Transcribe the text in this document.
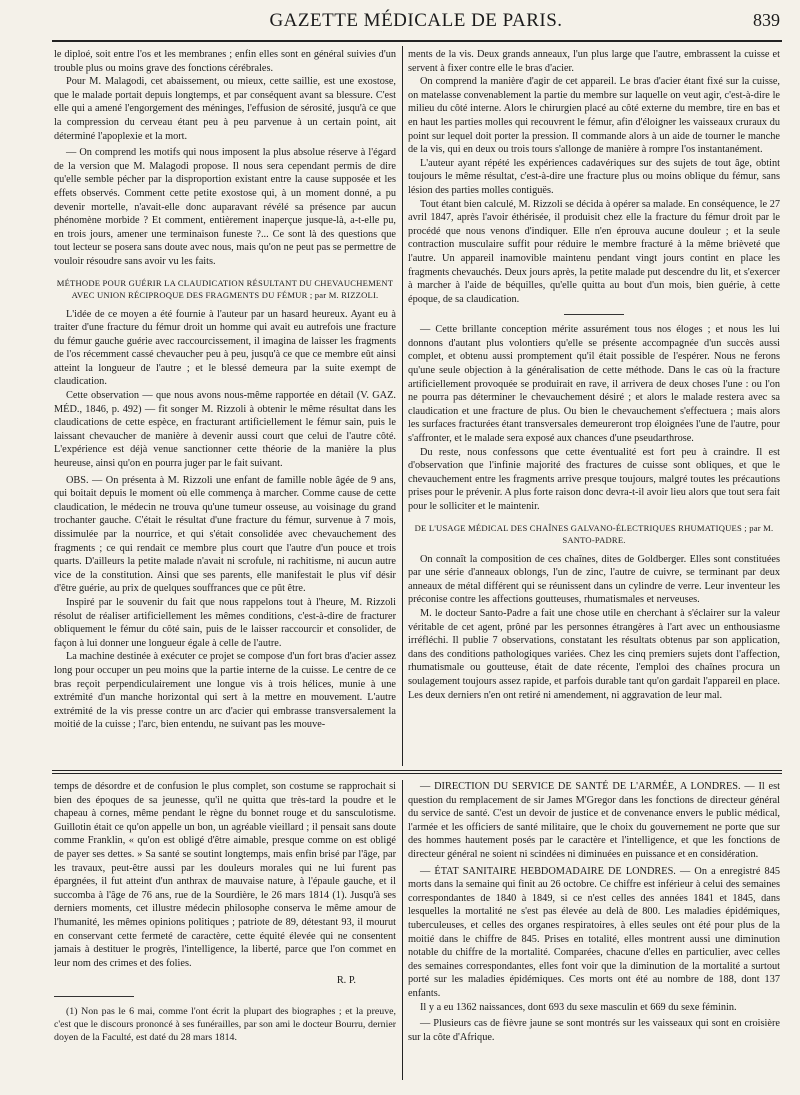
GAZETTE MÉDICALE DE PARIS.	839

le diploé, soit entre l'os et les membranes ; enfin elles sont en général suivies d'un trouble plus ou moins grave des fonctions cérébrales.

Pour M. Malagodi, cet abaissement, ou mieux, cette saillie, est une exostose, que le malade portait depuis longtemps, et par conséquent avant sa blessure. C'est elle qui a amené l'engorgement des méninges, l'effusion de sérosité, jusqu'à ce que la compression du cerveau étant peu à peu parvenue à un certain point, ait déterminé l'apoplexie et la mort.

— On comprend les motifs qui nous imposent la plus absolue réserve à l'égard de la version que M. Malagodi propose. Il nous sera cependant permis de dire qu'elle semble pécher par la disproportion existant entre la cause supposée et les effets observés. Comment cette petite exostose qui, à un moment donné, a pu devenir mortelle, n'avait-elle donc auparavant révélé sa présence par aucun phénomène morbide ? Et comment, entièrement inaperçue jusque-là, a-t-elle pu, en trois jours, amener une terminaison funeste ?... Ce sont là des questions que tout lecteur se posera sans doute avec nous, mais qu'on ne peut pas se permettre de vouloir résoudre sans avoir vu les faits.

MÉTHODE POUR GUÉRIR LA CLAUDICATION RÉSULTANT DU CHEVAUCHEMENT AVEC UNION RÉCIPROQUE DES FRAGMENTS DU FÉMUR ; par M. RIZZOLI.

L'idée de ce moyen a été fournie à l'auteur par un hasard heureux. Ayant eu à traiter d'une fracture du fémur droit un homme qui avait eu autrefois une fracture du fémur gauche guérie avec raccourcissement, il imagina de laisser les fragments de l'os récemment cassé chevaucher peu à peu, jusqu'à ce que ce membre eût ainsi atteint la longueur de l'autre ; et le blessé demeura par la suite exempt de claudication.

Cette observation — que nous avons nous-même rapportée en détail (V. GAZ. MÉD., 1846, p. 492) — fit songer M. Rizzoli à obtenir le même résultat dans les claudications de cette espèce, en fracturant artificiellement le fémur sain, puis le laissant chevaucher de manière à devenir aussi court que celui de l'autre côté. L'expérience est déjà venue sanctionner cette théorie de la manière la plus heureuse, ainsi qu'on en pourra juger par le fait suivant.

OBS. — On présenta à M. Rizzoli une enfant de famille noble âgée de 9 ans, qui boitait depuis le moment où elle commença à marcher. Comme cause de cette claudication, le médecin ne trouva qu'une tumeur osseuse, au voisinage du grand trochanter gauche. C'était le résultat d'une fracture du fémur, survenue à 7 mois, dissimulée par la nourrice, et qui s'était consolidée avec chevauchement des fragments ; ce qui rendait ce membre plus court que l'autre d'un pouce et trois quarts. D'ailleurs la petite malade n'avait ni scrofule, ni rachitisme, ni aucun autre vice de la constitution. Ainsi que ses parents, elle manifestait le plus vif désir d'être guérie, au prix de quelques souffrances que ce pût être.

Inspiré par le souvenir du fait que nous rappelons tout à l'heure, M. Rizzoli résolut de réaliser artificiellement les mêmes conditions, c'est-à-dire de fracturer obliquement le fémur du côté sain, puis de le laisser raccourcir et consolider, de façon à lui donner une longueur égale à celle de l'autre.

La machine destinée à exécuter ce projet se compose d'un fort bras d'acier assez long pour occuper un peu moins que la partie interne de la cuisse. Le centre de ce bras reçoit perpendiculairement une longue vis à trois hélices, munie à une extrémité d'un manche horizontal qui sert à la mettre en mouvement. L'autre extrémité de la vis presse contre un arc d'acier qui embrasse transversalement la moitié de la cuisse ; l'arc, bien entendu, ne suivant pas les mouve-

ments de la vis. Deux grands anneaux, l'un plus large que l'autre, embrassent la cuisse et servent à fixer contre elle le bras d'acier.

On comprend la manière d'agir de cet appareil. Le bras d'acier étant fixé sur la cuisse, on matelasse convenablement la partie du membre sur laquelle on veut agir, c'est-à-dire le milieu du côté interne. Alors le chirurgien placé au côté externe du membre, tire en bas et en haut les parties molles qui recouvrent le fémur, afin d'éloigner les vaisseaux cruraux du point sur lequel doit porter la pression. Il commande alors à un aide de tourner le manche de la vis, qui en deux ou trois tours s'allonge de manière à rompre l'os instantanément.

L'auteur ayant répété les expériences cadavériques sur des sujets de tout âge, obtint toujours le même résultat, c'est-à-dire une fracture plus ou moins oblique du fémur, sans lésion des parties molles contiguës.

Tout étant bien calculé, M. Rizzoli se décida à opérer sa malade. En conséquence, le 27 avril 1847, après l'avoir éthérisée, il produisit chez elle la fracture du fémur droit par le procédé que nous venons d'indiquer. Elle n'en éprouva aucune douleur ; et la seule contraction musculaire suffit pour réduire le membre fracturé à la même brièveté que l'autre. Un appareil inamovible maintenu pendant vingt jours contint en place les fragments chevauchés. Deux jours après, la petite malade put descendre du lit, et s'exercer à marcher à l'aide de béquilles, qu'elle quitta au bout d'un mois, bien guérie, à cette époque, de sa claudication.

— Cette brillante conception mérite assurément tous nos éloges ; et nous les lui donnons d'autant plus volontiers qu'elle se présente accompagnée d'un succès aussi complet, et obtenu aussi promptement qu'il était possible de l'espérer. Nous ne ferons qu'une seule objection à la généralisation de cette méthode. Dans le cas où la fracture artificiellement provoquée se produirait en rave, il arrivera de deux choses l'une : ou l'on ne pourra pas déterminer le chevauchement désiré ; et alors le malade restera avec sa claudication et une fracture de plus. Ou bien le chevauchement s'effectuera ; mais alors les surfaces fracturées étant transversales demeureront trop éloignées l'une de l'autre, pour s'affronter, et le malade sera exposé aux chances d'une pseudarthrose.

Du reste, nous confessons que cette éventualité est fort peu à craindre. Il est d'observation que l'infinie majorité des fractures de cuisse sont obliques, et que le chevauchement entre les fragments arrive presque toujours, malgré toutes les précautions prises pour le prévenir. A plus forte raison donc devra-t-il avoir lieu alors que tout sera fait pour le solliciter et le maintenir.

DE L'USAGE MÉDICAL DES CHAÎNES GALVANO-ÉLECTRIQUES RHUMATIQUES ; par M. SANTO-PADRE.

On connaît la composition de ces chaînes, dites de Goldberger. Elles sont constituées par une série d'anneaux oblongs, l'un de zinc, l'autre de cuivre, se terminant par deux anneaux de métal différent qui se réunissent dans un cylindre de verre. Leur inventeur les préconise contre les affections goutteuses, rhumatismales et nerveuses.

M. le docteur Santo-Padre a fait une chose utile en cherchant à s'éclairer sur la valeur véritable de cet agent, prôné par les personnes étrangères à l'art avec un enthousiasme irréfléchi. Il publie 7 observations, constatant les résultats obtenus par son application, dans des conditions pathologiques variées. Chez les cinq premiers sujets dont l'affection, rhumatismale ou goutteuse, était de date récente, l'emploi des chaînes procura un soulagement toujours assez rapide, et parfois durable tant qu'on gardait l'appareil en place. Les deux derniers n'en ont retiré ni amendement, ni aggravation de leur mal.

temps de désordre et de confusion le plus complet, son costume se rapprochait si bien des époques de sa jeunesse, qu'il ne quitta que très-tard la poudre et le chapeau à cornes, même pendant le règne du bonnet rouge et du sansculotisme. Guillotin était ce qu'on appelle un bon, un agréable vieillard ; il pensait sans doute comme Franklin, « qu'on est obligé d'être aimable, presque comme on est obligé de payer ses dettes. » Sa santé se soutint longtemps, mais enfin brisé par l'âge, par les travaux, peut-être aussi par les douleurs morales qui ne lui furent pas épargnées, il fut atteint d'un anthrax de mauvaise nature, à l'épaule gauche, et il succomba à l'âge de 76 ans, rue de la Sourdière, le 26 mars 1814 (1). Jusqu'à ses derniers moments, cet illustre médecin philosophe conserva le même amour de l'humanité, les mêmes opinions politiques ; patriote de 89, détestant 93, il mourut en conservant cette fermeté de caractère, cette équité élevée qui ne consentent jamais à destituer le progrès, l'intelligence, la liberté, parce que l'on commet en leur nom des crimes et des folies.

R. P.

(1) Non pas le 6 mai, comme l'ont écrit la plupart des biographes ; et la preuve, c'est que le discours prononcé à ses funérailles, par son ami le docteur Bourru, dernier doyen de la Faculté, est daté du 28 mars 1814.

— DIRECTION DU SERVICE DE SANTÉ DE L'ARMÉE, A LONDRES. — Il est question du remplacement de sir James M'Gregor dans les fonctions de directeur général du service de santé. C'est un devoir de justice et de convenance envers le public médical, l'armée et les officiers de santé militaire, que le choix du gouvernement ne porte que sur des hommes hautement posés par le caractère et l'intelligence, et que les fonctions de directeur général ne soient ni scindées ni diminuées en puissance et en considération.

— ÉTAT SANITAIRE HEBDOMADAIRE DE LONDRES. — On a enregistré 845 morts dans la semaine qui finit au 26 octobre. Ce chiffre est inférieur à celui des semaines correspondantes de 1840 à 1849, si ce n'est celles des années 1841 et 1845, dans lesquelles la mortalité ne s'est pas élevée au delà de 800. Les maladies épidémiques, tuberculeuses, et celles des organes respiratoires, à elles seules ont été pour plus de la moitié dans le chiffre de 845. Prises en totalité, elles montrent aussi une diminution notable du chiffre de la mortalité. Comparées, chacune d'elles en particulier, avec celles des semaines correspondantes, elles font voir que la diminution de la mortalité a surtout porté sur les maladies épidémiques. Ces morts ont été au nombre de 188, dont 137 enfants.

Il y a eu 1362 naissances, dont 693 du sexe masculin et 669 du sexe féminin.

— Plusieurs cas de fièvre jaune se sont montrés sur les vaisseaux qui sont en croisière sur la côte d'Afrique.
